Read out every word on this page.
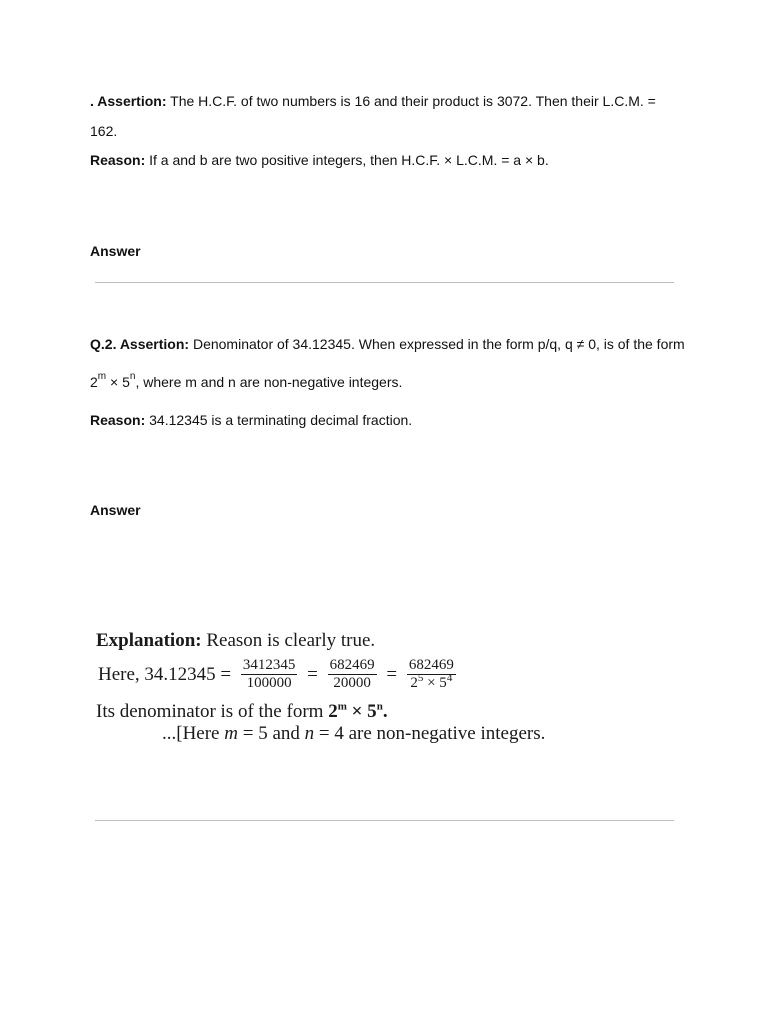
. Assertion: The H.C.F. of two numbers is 16 and their product is 3072. Then their L.C.M. =
162.
Reason: If a and b are two positive integers, then H.C.F. × L.C.M. = a × b.
Answer
Q.2. Assertion: Denominator of 34.12345. When expressed in the form p/q, q ≠ 0, is of the form
$2^m \times 5^n$, where m and n are non-negative integers.
Reason: 34.12345 is a terminating decimal fraction.
Answer
Explanation: Reason is clearly true.
Here, $34.12345 = \frac{3412345}{100000} = \frac{682469}{20000} = \frac{682469}{2^5 \times 5^4}$
Its denominator is of the form $2^m \times 5^n$.
...[Here m = 5 and n = 4 are non-negative integers.
